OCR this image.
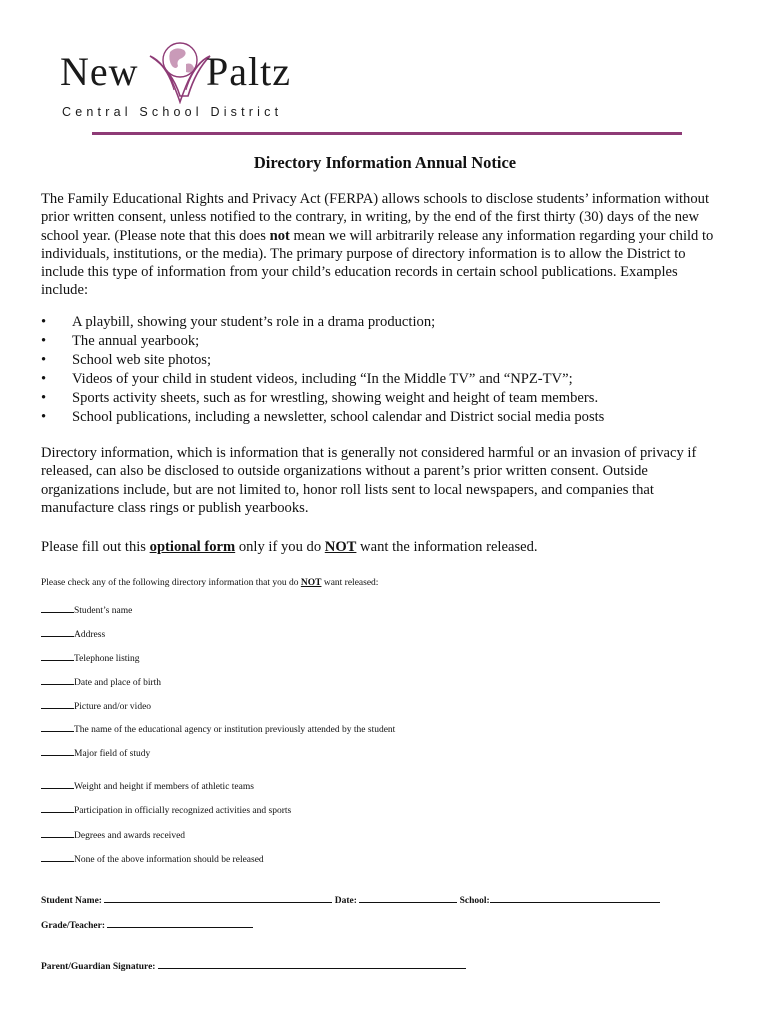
New Paltz
Central School District
Directory Information Annual Notice

The Family Educational Rights and Privacy Act (FERPA) allows schools to disclose students’ information without prior written consent, unless notified to the contrary, in writing, by the end of the first thirty (30) days of the new school year. (Please note that this does not mean we will arbitrarily release any information regarding your child to individuals, institutions, or the media). The primary purpose of directory information is to allow the District to include this type of information from your child’s education records in certain school publications. Examples include:

• A playbill, showing your student’s role in a drama production;
• The annual yearbook;
• School web site photos;
• Videos of your child in student videos, including “In the Middle TV” and “NPZ-TV”;
• Sports activity sheets, such as for wrestling, showing weight and height of team members.
• School publications, including a newsletter, school calendar and District social media posts

Directory information, which is information that is generally not considered harmful or an invasion of privacy if released, can also be disclosed to outside organizations without a parent’s prior written consent. Outside organizations include, but are not limited to, honor roll lists sent to local newspapers, and companies that manufacture class rings or publish yearbooks.

Please fill out this optional form only if you do NOT want the information released.

Please check any of the following directory information that you do NOT want released:
Student’s name
Address
Telephone listing
Date and place of birth
Picture and/or video
The name of the educational agency or institution previously attended by the student
Major field of study
Weight and height if members of athletic teams
Participation in officially recognized activities and sports
Degrees and awards received
None of the above information should be released
Student Name:	Date:	School:
Grade/Teacher:
Parent/Guardian Signature:
